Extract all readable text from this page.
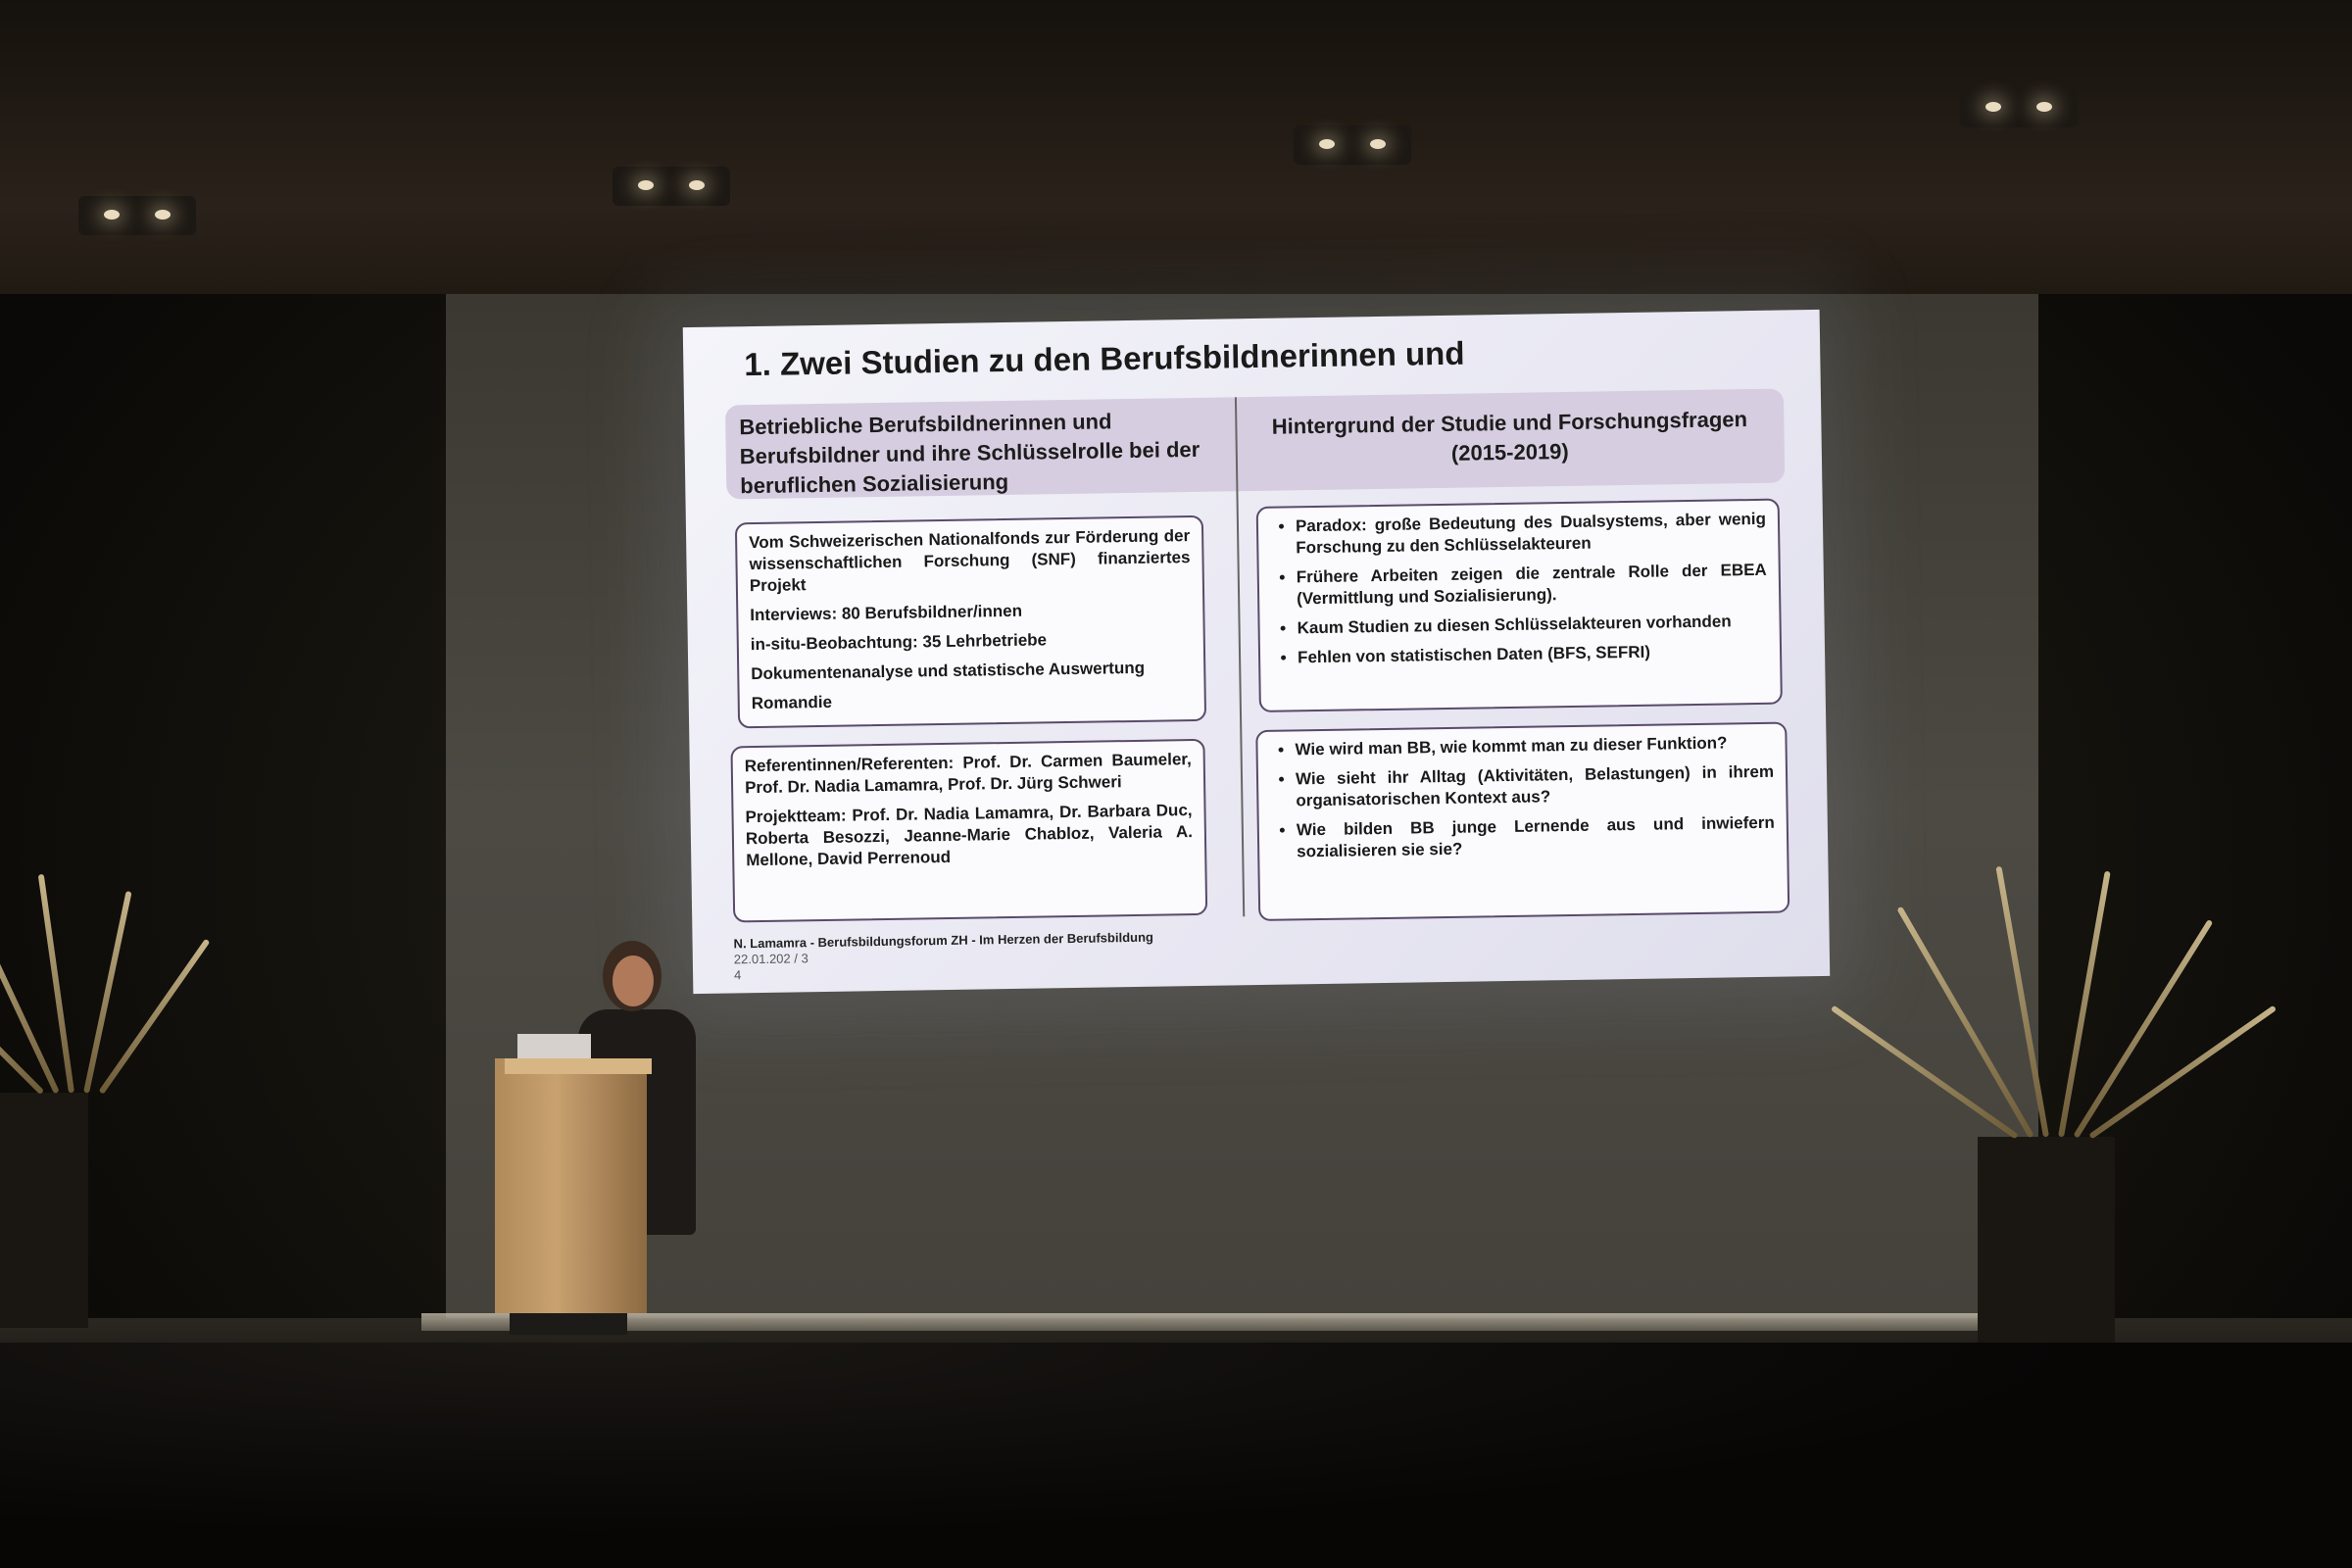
1. Zwei Studien zu den Berufsbildnerinnen und
Betriebliche Berufsbildnerinnen und Berufsbildner und ihre Schlüsselrolle bei der beruflichen Sozialisierung
Hintergrund der Studie und Forschungsfragen (2015-2019)

Vom Schweizerischen Nationalfonds zur Förderung der wissenschaftlichen Forschung (SNF) finanziertes Projekt

Interviews: 80 Berufsbildner/innen

in-situ-Beobachtung: 35 Lehrbetriebe

Dokumentenanalyse und statistische Auswertung

Romandie

Referentinnen/Referenten: Prof. Dr. Carmen Baumeler, Prof. Dr. Nadia Lamamra, Prof. Dr. Jürg Schweri

Projektteam: Prof. Dr. Nadia Lamamra, Dr. Barbara Duc, Roberta Besozzi, Jeanne-Marie Chabloz, Valeria A. Mellone, David Perrenoud

• Paradox: große Bedeutung des Dualsystems, aber wenig Forschung zu den Schlüsselakteuren
• Frühere Arbeiten zeigen die zentrale Rolle der EBEA (Vermittlung und Sozialisierung).
• Kaum Studien zu diesen Schlüsselakteuren vorhanden
• Fehlen von statistischen Daten (BFS, SEFRI)
• Wie wird man BB, wie kommt man zu dieser Funktion?
• Wie sieht ihr Alltag (Aktivitäten, Belastungen) in ihrem organisatorischen Kontext aus?
• Wie bilden BB junge Lernende aus und inwiefern sozialisieren sie sie?
N. Lamamra - Berufsbildungsforum ZH - Im Herzen der Berufsbildung
22.01.202 / 3
4
